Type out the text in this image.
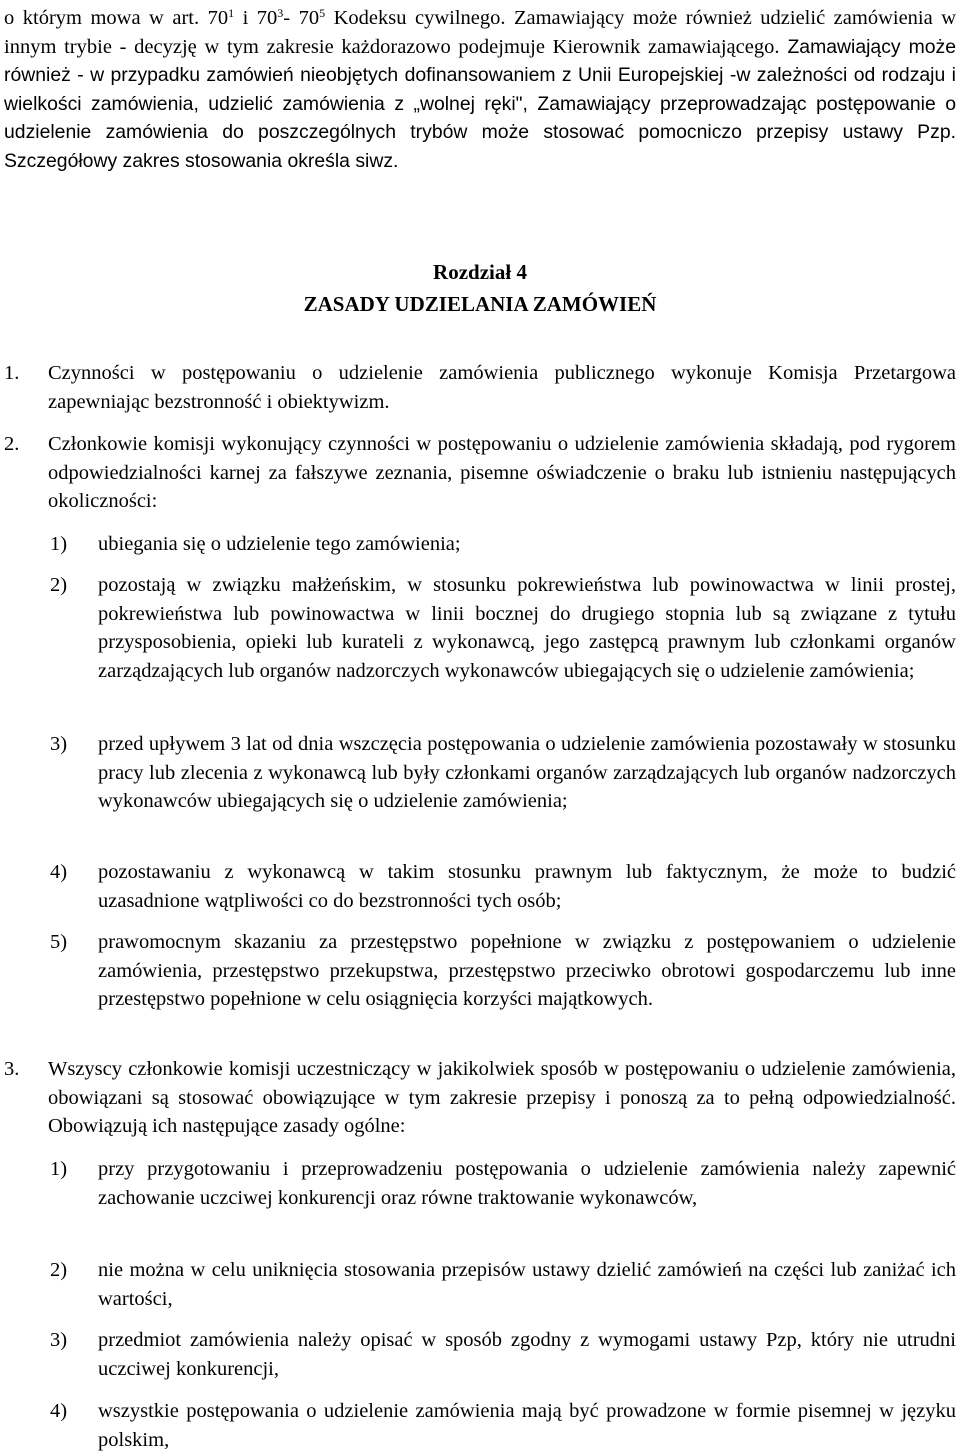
o którym mowa w art. $70^1$ i $70^3-$ $70^5$ Kodeksu cywilnego. Zamawiający może również udzielić zamówienia w innym trybie - decyzję w tym zakresie każdorazowo podejmuje Kierownik zamawiającego. Zamawiający może również - w przypadku zamówień nieobjętych dofinansowaniem z Unii Europejskiej -w zależności od rodzaju i wielkości zamówienia, udzielić zamówienia z „wolnej ręki", Zamawiający przeprowadzając postępowanie o udzielenie zamówienia do poszczególnych trybów może stosować pomocniczo przepisy ustawy Pzp. Szczegółowy zakres stosowania określa siwz.
Rozdział 4
ZASADY UDZIELANIA ZAMÓWIEŃ
1.	Czynności w postępowaniu o udzielenie zamówienia publicznego wykonuje Komisja Przetargowa zapewniając bezstronność i obiektywizm.
2.	Członkowie komisji wykonujący czynności w postępowaniu o udzielenie zamówienia składają, pod rygorem odpowiedzialności karnej za fałszywe zeznania, pisemne oświadczenie o braku lub istnieniu następujących okoliczności:
1)	ubiegania się o udzielenie tego zamówienia;
2)	pozostają w związku małżeńskim, w stosunku pokrewieństwa lub powinowactwa w linii prostej, pokrewieństwa lub powinowactwa w linii bocznej do drugiego stopnia lub są związane z tytułu przysposobienia, opieki lub kurateli z wykonawcą, jego zastępcą prawnym lub członkami organów zarządzających lub organów nadzorczych wykonawców ubiegających się o udzielenie zamówienia;
3)	przed upływem 3 lat od dnia wszczęcia postępowania o udzielenie zamówienia pozostawały w stosunku pracy lub zlecenia z wykonawcą lub były członkami organów zarządzających lub organów nadzorczych wykonawców ubiegających się o udzielenie zamówienia;
4)	pozostawaniu z wykonawcą w takim stosunku prawnym lub faktycznym, że może to budzić uzasadnione wątpliwości co do bezstronności tych osób;
5)	prawomocnym skazaniu za przestępstwo popełnione w związku z postępowaniem o udzielenie zamówienia, przestępstwo przekupstwa, przestępstwo przeciwko obrotowi gospodarczemu lub inne przestępstwo popełnione w celu osiągnięcia korzyści majątkowych.
3.	Wszyscy członkowie komisji uczestniczący w jakikolwiek sposób w postępowaniu o udzielenie zamówienia, obowiązani są stosować obowiązujące w tym zakresie przepisy i ponoszą za to pełną odpowiedzialność. Obowiązują ich następujące zasady ogólne:
1)	przy przygotowaniu i przeprowadzeniu postępowania o udzielenie zamówienia należy zapewnić zachowanie uczciwej konkurencji oraz równe traktowanie wykonawców,
2)	nie można w celu uniknięcia stosowania przepisów ustawy dzielić zamówień na części lub zaniżać ich wartości,
3)	przedmiot zamówienia należy opisać w sposób zgodny z wymogami ustawy Pzp, który nie utrudni uczciwej konkurencji,
4)	wszystkie postępowania o udzielenie zamówienia mają być prowadzone w formie pisemnej w języku polskim,
